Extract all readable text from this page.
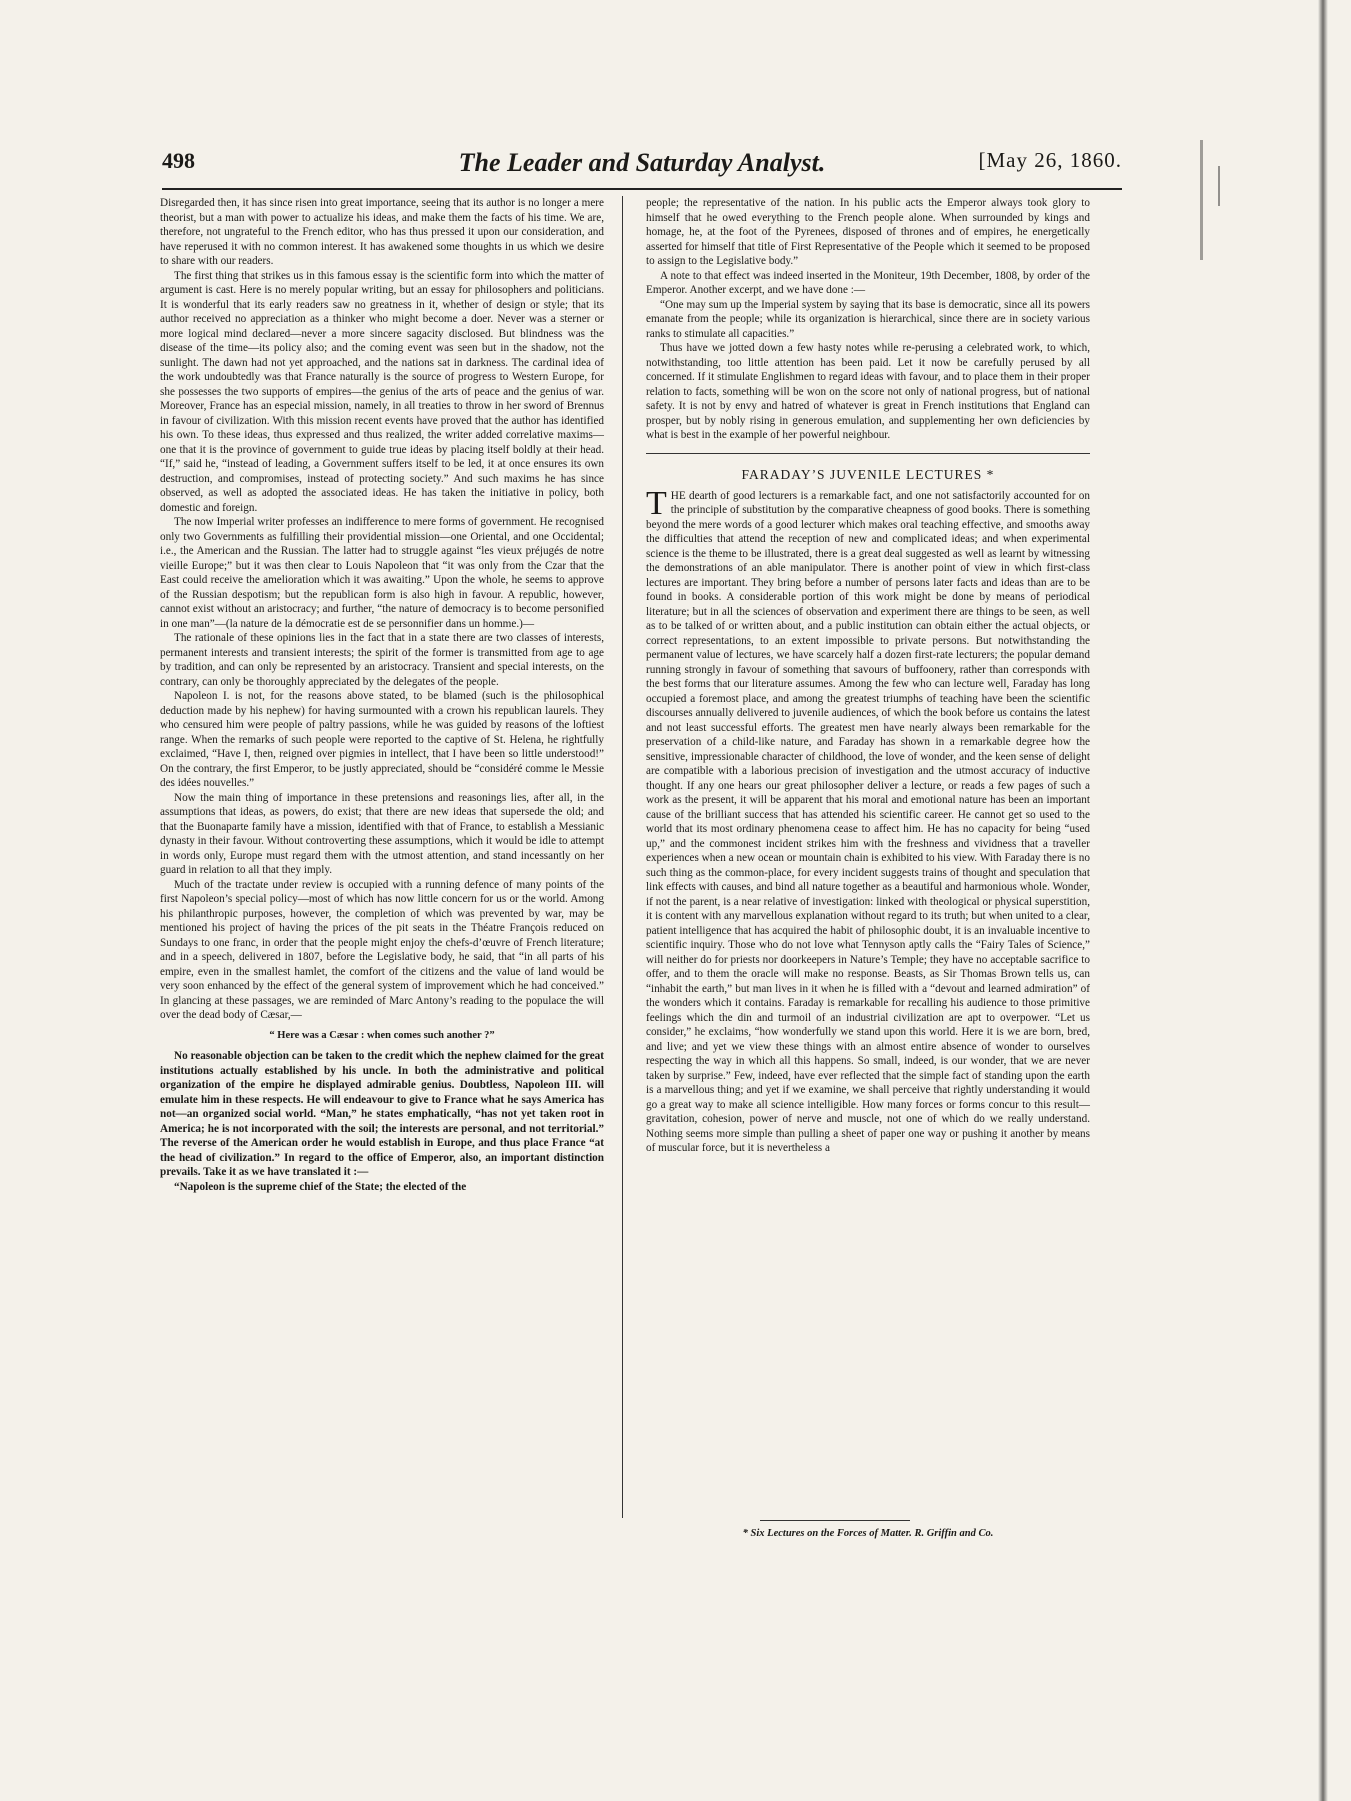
498	The Leader and Saturday Analyst.	[May 26, 1860.

Disregarded then, it has since risen into great importance, seeing that its author is no longer a mere theorist, but a man with power to actualize his ideas, and make them the facts of his time. We are, therefore, not ungrateful to the French editor, who has thus pressed it upon our consideration, and have reperused it with no common interest. It has awakened some thoughts in us which we desire to share with our readers.

The first thing that strikes us in this famous essay is the scientific form into which the matter of argument is cast. Here is no merely popular writing, but an essay for philosophers and politicians. It is wonderful that its early readers saw no greatness in it, whether of design or style; that its author received no appreciation as a thinker who might become a doer. Never was a sterner or more logical mind declared—never a more sincere sagacity disclosed. But blindness was the disease of the time—its policy also; and the coming event was seen but in the shadow, not the sunlight. The dawn had not yet approached, and the nations sat in darkness. The cardinal idea of the work undoubtedly was that France naturally is the source of progress to Western Europe, for she possesses the two supports of empires—the genius of the arts of peace and the genius of war. Moreover, France has an especial mission, namely, in all treaties to throw in her sword of Brennus in favour of civilization. With this mission recent events have proved that the author has identified his own. To these ideas, thus expressed and thus realized, the writer added correlative maxims—one that it is the province of government to guide true ideas by placing itself boldly at their head. “If,” said he, “instead of leading, a Government suffers itself to be led, it at once ensures its own destruction, and compromises, instead of protecting society.” And such maxims he has since observed, as well as adopted the associated ideas. He has taken the initiative in policy, both domestic and foreign.

The now Imperial writer professes an indifference to mere forms of government. He recognised only two Governments as fulfilling their providential mission—one Oriental, and one Occidental; i.e., the American and the Russian. The latter had to struggle against “les vieux préjugés de notre vieille Europe;” but it was then clear to Louis Napoleon that “it was only from the Czar that the East could receive the amelioration which it was awaiting.” Upon the whole, he seems to approve of the Russian despotism; but the republican form is also high in favour. A republic, however, cannot exist without an aristocracy; and further, “the nature of democracy is to become personified in one man”—(la nature de la démocratie est de se personnifier dans un homme.)—

The rationale of these opinions lies in the fact that in a state there are two classes of interests, permanent interests and transient interests; the spirit of the former is transmitted from age to age by tradition, and can only be represented by an aristocracy. Transient and special interests, on the contrary, can only be thoroughly appreciated by the delegates of the people.

Napoleon I. is not, for the reasons above stated, to be blamed (such is the philosophical deduction made by his nephew) for having surmounted with a crown his republican laurels. They who censured him were people of paltry passions, while he was guided by reasons of the loftiest range. When the remarks of such people were reported to the captive of St. Helena, he rightfully exclaimed, “Have I, then, reigned over pigmies in intellect, that I have been so little understood!” On the contrary, the first Emperor, to be justly appreciated, should be “considéré comme le Messie des idées nouvelles.”

Now the main thing of importance in these pretensions and reasonings lies, after all, in the assumptions that ideas, as powers, do exist; that there are new ideas that supersede the old; and that the Buonaparte family have a mission, identified with that of France, to establish a Messianic dynasty in their favour. Without controverting these assumptions, which it would be idle to attempt in words only, Europe must regard them with the utmost attention, and stand incessantly on her guard in relation to all that they imply.

Much of the tractate under review is occupied with a running defence of many points of the first Napoleon’s special policy—most of which has now little concern for us or the world. Among his philanthropic purposes, however, the completion of which was prevented by war, may be mentioned his project of having the prices of the pit seats in the Théatre François reduced on Sundays to one franc, in order that the people might enjoy the chefs-d’œuvre of French literature; and in a speech, delivered in 1807, before the Legislative body, he said, that “in all parts of his empire, even in the smallest hamlet, the comfort of the citizens and the value of land would be very soon enhanced by the effect of the general system of improvement which he had conceived.” In glancing at these passages, we are reminded of Marc Antony’s reading to the populace the will over the dead body of Cæsar,—

“ Here was a Cæsar : when comes such another ?”

No reasonable objection can be taken to the credit which the nephew claimed for the great institutions actually established by his uncle. In both the administrative and political organization of the empire he displayed admirable genius. Doubtless, Napoleon III. will emulate him in these respects. He will endeavour to give to France what he says America has not—an organized social world. “Man,” he states emphatically, “has not yet taken root in America; he is not incorporated with the soil; the interests are personal, and not territorial.” The reverse of the American order he would establish in Europe, and thus place France “at the head of civilization.” In regard to the office of Emperor, also, an important distinction prevails. Take it as we have translated it :—

“Napoleon is the supreme chief of the State; the elected of the

people; the representative of the nation. In his public acts the Emperor always took glory to himself that he owed everything to the French people alone. When surrounded by kings and homage, he, at the foot of the Pyrenees, disposed of thrones and of empires, he energetically asserted for himself that title of First Representative of the People which it seemed to be proposed to assign to the Legislative body.”

A note to that effect was indeed inserted in the Moniteur, 19th December, 1808, by order of the Emperor. Another excerpt, and we have done :—

“One may sum up the Imperial system by saying that its base is democratic, since all its powers emanate from the people; while its organization is hierarchical, since there are in society various ranks to stimulate all capacities.”

Thus have we jotted down a few hasty notes while re-perusing a celebrated work, to which, notwithstanding, too little attention has been paid. Let it now be carefully perused by all concerned. If it stimulate Englishmen to regard ideas with favour, and to place them in their proper relation to facts, something will be won on the score not only of national progress, but of national safety. It is not by envy and hatred of whatever is great in French institutions that England can prosper, but by nobly rising in generous emulation, and supplementing her own deficiencies by what is best in the example of her powerful neighbour.

FARADAY’S JUVENILE LECTURES *

THE dearth of good lecturers is a remarkable fact, and one not satisfactorily accounted for on the principle of substitution by the comparative cheapness of good books. There is something beyond the mere words of a good lecturer which makes oral teaching effective, and smooths away the difficulties that attend the reception of new and complicated ideas; and when experimental science is the theme to be illustrated, there is a great deal suggested as well as learnt by witnessing the demonstrations of an able manipulator. There is another point of view in which first-class lectures are important. They bring before a number of persons later facts and ideas than are to be found in books. A considerable portion of this work might be done by means of periodical literature; but in all the sciences of observation and experiment there are things to be seen, as well as to be talked of or written about, and a public institution can obtain either the actual objects, or correct representations, to an extent impossible to private persons. But notwithstanding the permanent value of lectures, we have scarcely half a dozen first-rate lecturers; the popular demand running strongly in favour of something that savours of buffoonery, rather than corresponds with the best forms that our literature assumes. Among the few who can lecture well, Faraday has long occupied a foremost place, and among the greatest triumphs of teaching have been the scientific discourses annually delivered to juvenile audiences, of which the book before us contains the latest and not least successful efforts. The greatest men have nearly always been remarkable for the preservation of a child-like nature, and Faraday has shown in a remarkable degree how the sensitive, impressionable character of childhood, the love of wonder, and the keen sense of delight are compatible with a laborious precision of investigation and the utmost accuracy of inductive thought. If any one hears our great philosopher deliver a lecture, or reads a few pages of such a work as the present, it will be apparent that his moral and emotional nature has been an important cause of the brilliant success that has attended his scientific career. He cannot get so used to the world that its most ordinary phenomena cease to affect him. He has no capacity for being “used up,” and the commonest incident strikes him with the freshness and vividness that a traveller experiences when a new ocean or mountain chain is exhibited to his view. With Faraday there is no such thing as the common-place, for every incident suggests trains of thought and speculation that link effects with causes, and bind all nature together as a beautiful and harmonious whole. Wonder, if not the parent, is a near relative of investigation: linked with theological or physical superstition, it is content with any marvellous explanation without regard to its truth; but when united to a clear, patient intelligence that has acquired the habit of philosophic doubt, it is an invaluable incentive to scientific inquiry. Those who do not love what Tennyson aptly calls the “Fairy Tales of Science,” will neither do for priests nor doorkeepers in Nature’s Temple; they have no acceptable sacrifice to offer, and to them the oracle will make no response. Beasts, as Sir Thomas Brown tells us, can “inhabit the earth,” but man lives in it when he is filled with a “devout and learned admiration” of the wonders which it contains. Faraday is remarkable for recalling his audience to those primitive feelings which the din and turmoil of an industrial civilization are apt to overpower. “Let us consider,” he exclaims, “how wonderfully we stand upon this world. Here it is we are born, bred, and live; and yet we view these things with an almost entire absence of wonder to ourselves respecting the way in which all this happens. So small, indeed, is our wonder, that we are never taken by surprise.” Few, indeed, have ever reflected that the simple fact of standing upon the earth is a marvellous thing; and yet if we examine, we shall perceive that rightly understanding it would go a great way to make all science intelligible. How many forces or forms concur to this result—gravitation, cohesion, power of nerve and muscle, not one of which do we really understand. Nothing seems more simple than pulling a sheet of paper one way or pushing it another by means of muscular force, but it is nevertheless a

* Six Lectures on the Forces of Matter. R. Griffin and Co.
